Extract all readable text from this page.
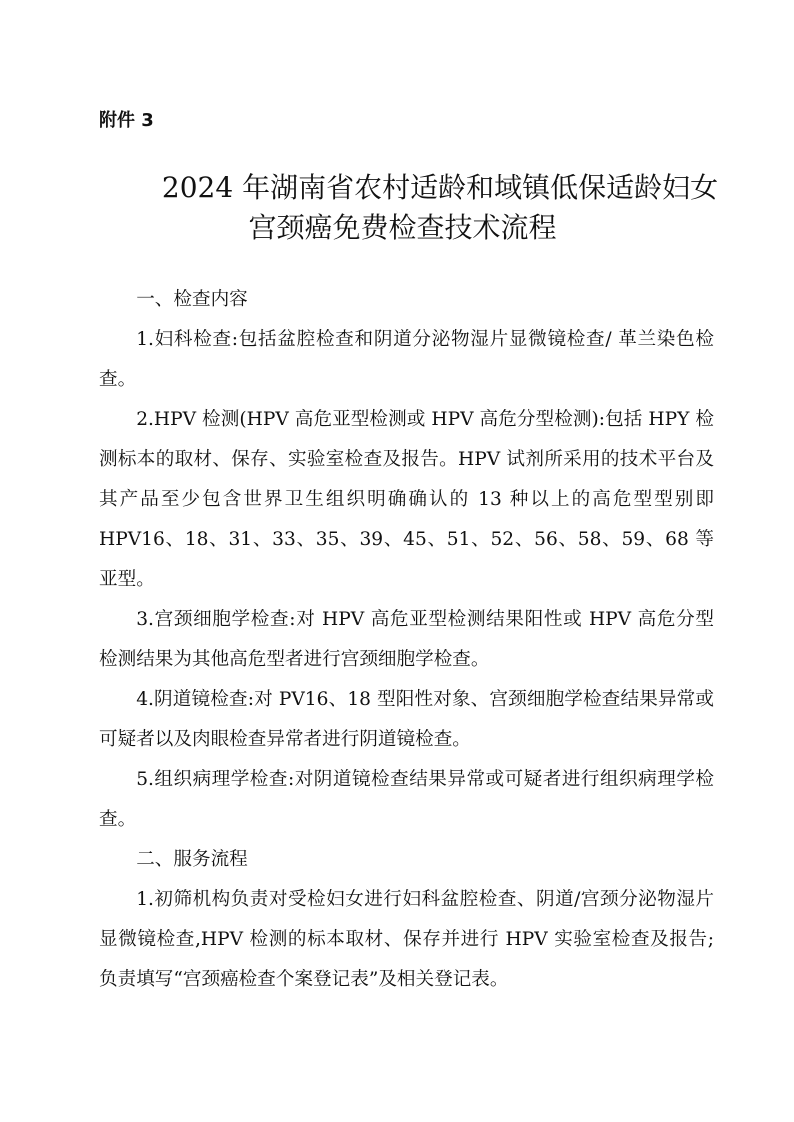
附件 3
2024 年湖南省农村适龄和域镇低保适龄妇女

宫颈癌免费检查技术流程

一、检查内容

1.妇科检查:包括盆腔检查和阴道分泌物湿片显微镜检查/ 革兰染色检查。

2.HPV 检测(HPV 高危亚型检测或 HPV 高危分型检测):包括 HPY 检测标本的取材、保存、实验室检查及报告。HPV 试剂所采用的技术平台及其产品至少包含世界卫生组织明确确认的 13 种以上的高危型型别即 HPV16、18、31、33、35、39、45、51、52、56、58、59、68 等亚型。

3.宫颈细胞学检查:对 HPV 高危亚型检测结果阳性或 HPV 高危分型检测结果为其他高危型者进行宫颈细胞学检查。

4.阴道镜检查:对 PV16、18 型阳性对象、宫颈细胞学检查结果异常或可疑者以及肉眼检查异常者进行阴道镜检查。

5.组织病理学检查:对阴道镜检查结果异常或可疑者进行组织病理学检查。

二、服务流程

1.初筛机构负责对受检妇女进行妇科盆腔检查、阴道/宫颈分泌物湿片显微镜检查,HPV 检测的标本取材、保存并进行 HPV 实验室检查及报告;负责填写“宫颈癌检查个案登记表”及相关登记表。
